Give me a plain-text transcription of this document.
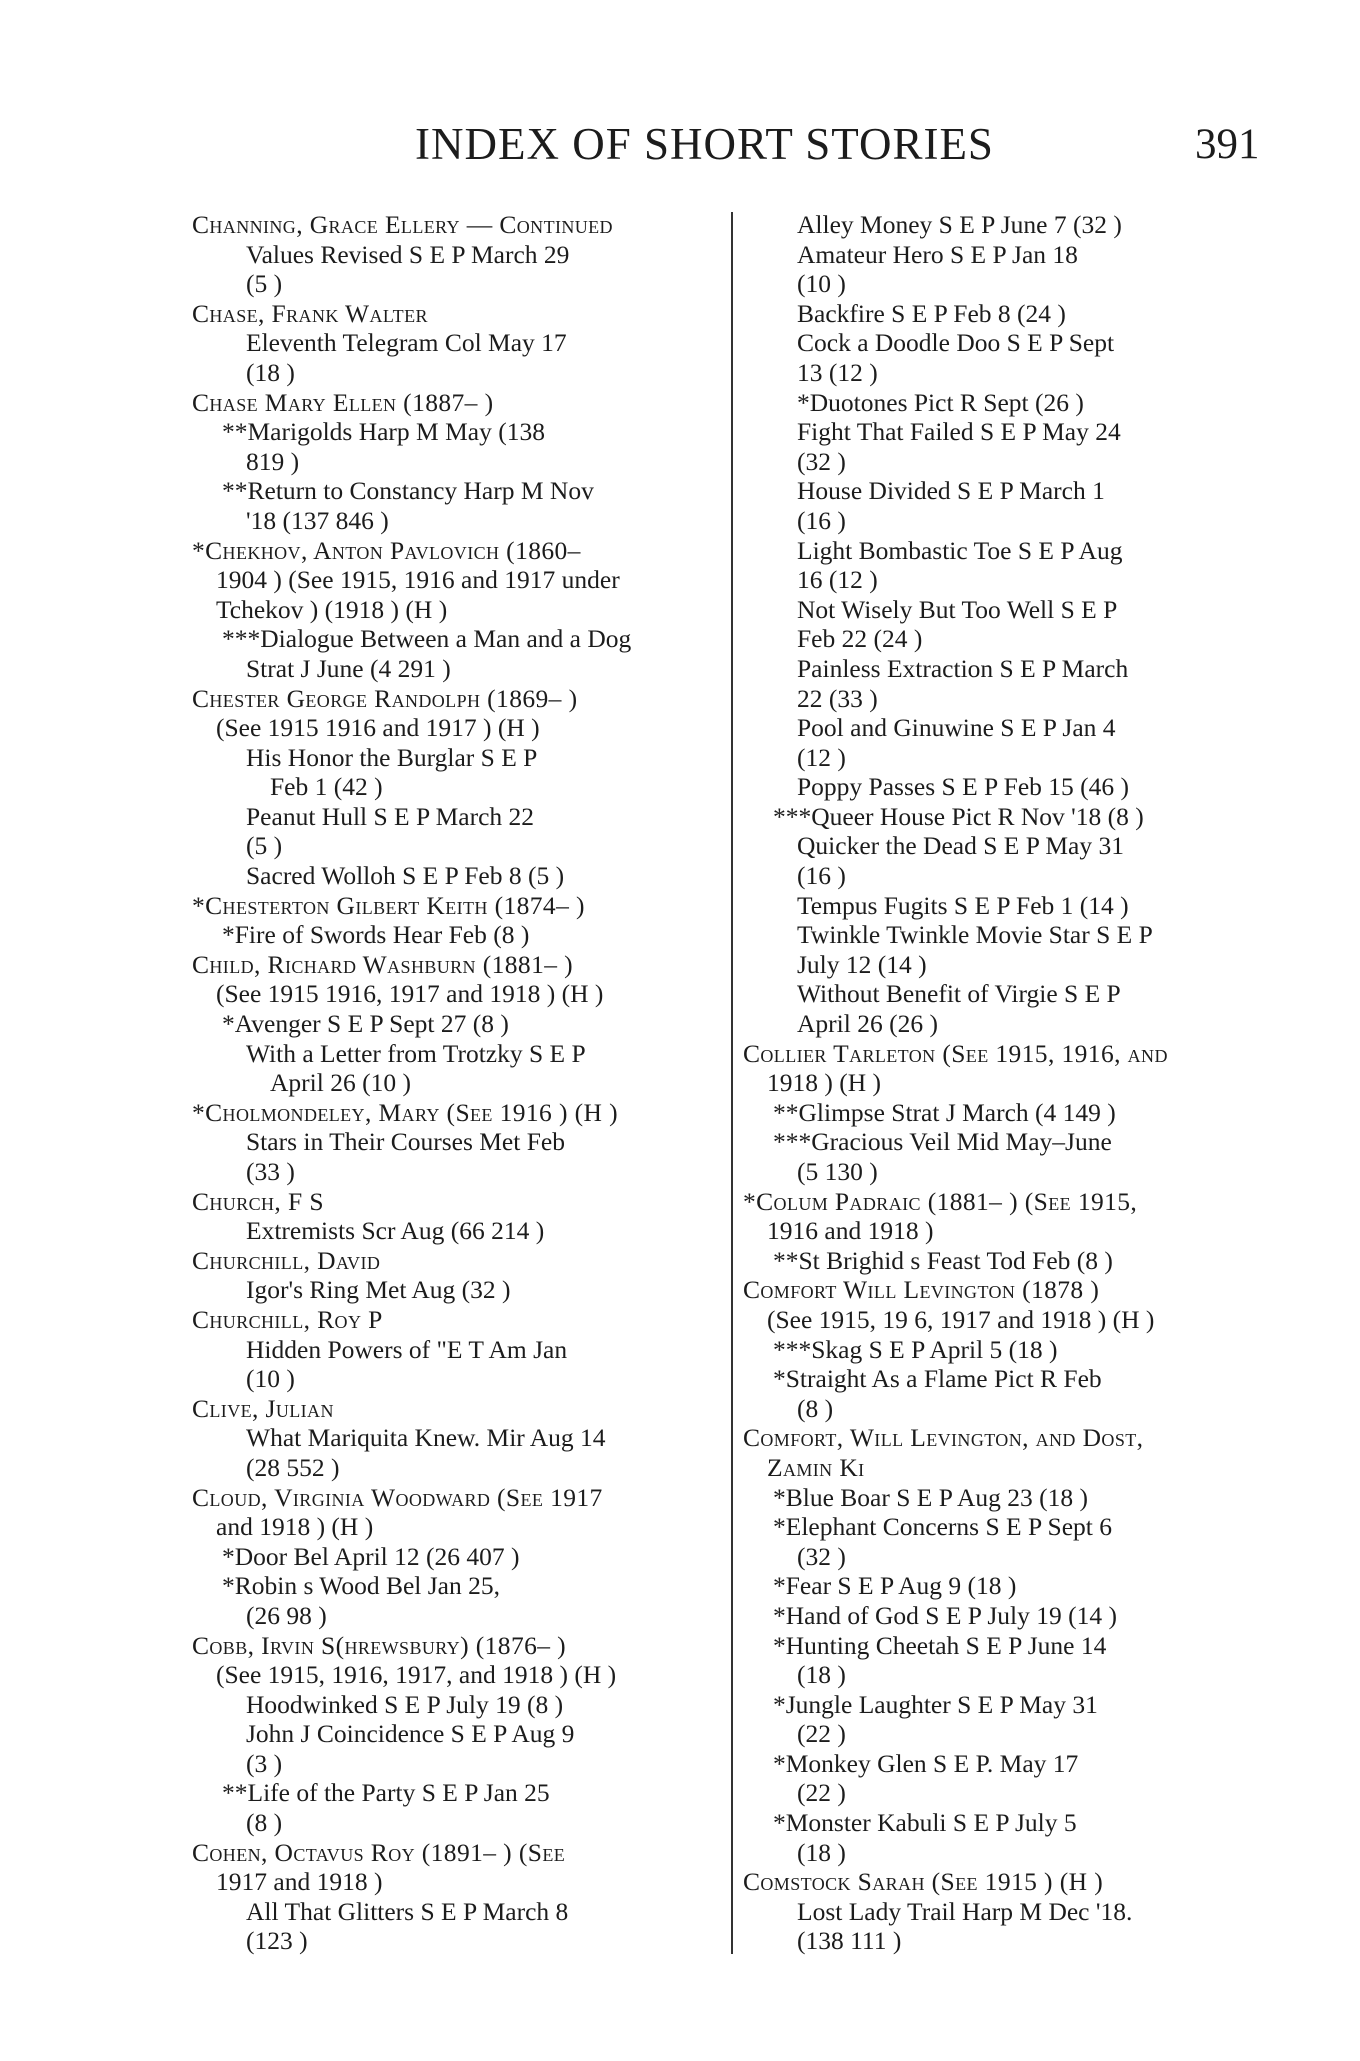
INDEX OF SHORT STORIES	391
Channing, Grace Ellery — Continued
Values Revised S E P March 29
(5 )
Chase, Frank Walter
Eleventh Telegram Col May 17
(18 )
Chase Mary Ellen (1887– )
**Marigolds Harp M May (138
819 )
**Return to Constancy Harp M Nov
'18 (137 846 )
*Chekhov, Anton Pavlovich (1860–
1904 ) (See 1915, 1916 and 1917 under
Tchekov ) (1918 ) (H )
***Dialogue Between a Man and a Dog
Strat J June (4 291 )
Chester George Randolph (1869– )
(See 1915 1916 and 1917 ) (H )
His Honor the Burglar S E P
Feb 1 (42 )
Peanut Hull S E P March 22
(5 )
Sacred Wolloh S E P Feb 8 (5 )
*Chesterton Gilbert Keith (1874– )
*Fire of Swords Hear Feb (8 )
Child, Richard Washburn (1881– )
(See 1915 1916, 1917 and 1918 ) (H )
*Avenger S E P Sept 27 (8 )
With a Letter from Trotzky S E P
April 26 (10 )
*Cholmondeley, Mary (See 1916 ) (H )
Stars in Their Courses Met Feb
(33 )
Church, F S
Extremists Scr Aug (66 214 )
Churchill, David
Igor's Ring Met Aug (32 )
Churchill, Roy P
Hidden Powers of "E T Am Jan
(10 )
Clive, Julian
What Mariquita Knew. Mir Aug 14
(28 552 )
Cloud, Virginia Woodward (See 1917
and 1918 ) (H )
*Door Bel April 12 (26 407 )
*Robin s Wood Bel Jan 25,
(26 98 )
Cobb, Irvin S(hrewsbury) (1876– )
(See 1915, 1916, 1917, and 1918 ) (H )
Hoodwinked S E P July 19 (8 )
John J Coincidence S E P Aug 9
(3 )
**Life of the Party S E P Jan 25
(8 )
Cohen, Octavus Roy (1891– ) (See
1917 and 1918 )
All That Glitters S E P March 8
(123 )
Alley Money S E P June 7 (32 )
Amateur Hero S E P Jan 18
(10 )
Backfire S E P Feb 8 (24 )
Cock a Doodle Doo S E P Sept
13 (12 )
*Duotones Pict R Sept (26 )
Fight That Failed S E P May 24
(32 )
House Divided S E P March 1
(16 )
Light Bombastic Toe S E P Aug
16 (12 )
Not Wisely But Too Well S E P
Feb 22 (24 )
Painless Extraction S E P March
22 (33 )
Pool and Ginuwine S E P Jan 4
(12 )
Poppy Passes S E P Feb 15 (46 )
***Queer House Pict R Nov '18 (8 )
Quicker the Dead S E P May 31
(16 )
Tempus Fugits S E P Feb 1 (14 )
Twinkle Twinkle Movie Star S E P
July 12 (14 )
Without Benefit of Virgie S E P
April 26 (26 )
Collier Tarleton (See 1915, 1916, and
1918 ) (H )
**Glimpse Strat J March (4 149 )
***Gracious Veil Mid May–June
(5 130 )
*Colum Padraic (1881– ) (See 1915,
1916 and 1918 )
**St Brighid s Feast Tod Feb (8 )
Comfort Will Levington (1878 )
(See 1915, 19 6, 1917 and 1918 ) (H )
***Skag S E P April 5 (18 )
*Straight As a Flame Pict R Feb
(8 )
Comfort, Will Levington, and Dost,
Zamin Ki
*Blue Boar S E P Aug 23 (18 )
*Elephant Concerns S E P Sept 6
(32 )
*Fear S E P Aug 9 (18 )
*Hand of God S E P July 19 (14 )
*Hunting Cheetah S E P June 14
(18 )
*Jungle Laughter S E P May 31
(22 )
*Monkey Glen S E P. May 17
(22 )
*Monster Kabuli S E P July 5
(18 )
Comstock Sarah (See 1915 ) (H )
Lost Lady Trail Harp M Dec '18.
(138 111 )
